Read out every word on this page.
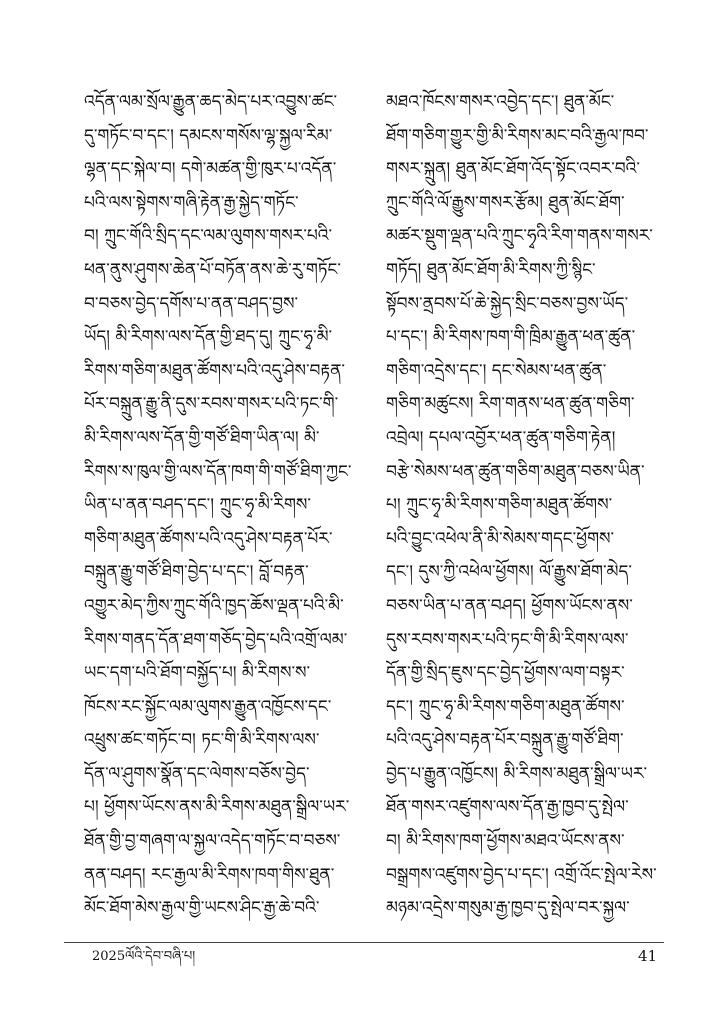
འདོན་ལམ་སྲོལ་རྒྱུན་ཆད་མེད་པར་འབྱུས་ཚང་
དུ་གཏོང་བ་དང་། དམངས་གསོས་ལྷ་སྐྱལ་རིམ་
ལྷན་དང་སྐེལ་བ། དགེ་མཚན་གྱི་ཁུར་པ་འདོན་
པའི་ལས་སྟེགས་གཞི་རྟེན་རྒྱ་སྐྱེད་གཏོང་
བ། ཀྲུང་གོའི་སྲིད་དང་ལམ་ལུགས་གསར་པའི་
ཕན་ནུས་ཤུགས་ཆེན་པོ་བཏོན་ནས་ཆེ་རུ་གཏོང་
བ་བཅས་བྱེད་དགོས་པ་ནན་བཤད་བྱས་
ཡོད། མི་རིགས་ལས་དོན་གྱི་ཐད་དུ། ཀྲུང་ཧྭ་མི་
རིགས་གཅིག་མཐུན་ཚོགས་པའི་འདུ་ཤེས་བརྟན་
པོར་བསྐྲུན་རྒྱུ་ནི་དུས་རབས་གསར་པའི་ཏང་གི་
མི་རིགས་ལས་དོན་གྱི་གཙོ་ཐིག་ཡིན་ལ། མི་
རིགས་ས་ཁུལ་གྱི་ལས་དོན་ཁག་གི་གཙོ་ཐིག་ཀྱང་
ཡིན་པ་ནན་བཤད་དང་། ཀྲུང་ཧྭ་མི་རིགས་
གཅིག་མཐུན་ཚོགས་པའི་འདུ་ཤེས་བརྟན་པོར་
བསྐྲུན་རྒྱུ་གཙོ་ཐིག་བྱེད་པ་དང་། བློ་བརྟན་
འགྱུར་མེད་ཀྱིས་ཀྲུང་གོའི་ཁྱད་ཆོས་ལྡན་པའི་མི་
རིགས་གནད་དོན་ཐག་གཅོད་བྱེད་པའི་འགྲོ་ལམ་
ཡང་དག་པའི་ཐོག་བསྐྱོད་པ། མི་རིགས་ས་
ཁོངས་རང་སྐྱོང་ལམ་ལུགས་རྒྱུན་འཁྱོངས་དང་
འཕྲུས་ཚང་གཏོང་བ། ཏང་གི་མི་རིགས་ལས་
དོན་ལ་ཤུགས་སྣོན་དང་ལེགས་བཅོས་བྱེད་
པ། ཕྱོགས་ཡོངས་ནས་མི་རིགས་མཐུན་སྒྲིལ་ཡར་
ཐོན་གྱི་བྱ་གཞག་ལ་སྐྱལ་འདེད་གཏོང་བ་བཅས་
ནན་བཤད། རང་རྒྱལ་མི་རིགས་ཁག་གིས་ཐུན་
མོང་ཐོག་མེས་རྒྱལ་གྱི་ཡངས་ཤིང་རྒྱ་ཆེ་བའི་
མཐའ་ཁོངས་གསར་འབྱེད་དང་། ཐུན་མོང་
ཐོག་གཅིག་གྱུར་གྱི་མི་རིགས་མང་བའི་རྒྱལ་ཁབ་
གསར་སྐྲུན། ཐུན་མོང་ཐོག་འོད་སྟོང་འབར་བའི་
ཀྲུང་གོའི་ལོ་རྒྱུས་གསར་རྩོམ། ཐུན་མོང་ཐོག་
མཚར་སྡུག་ལྡན་པའི་ཀྲུང་ཧྭའི་རིག་གནས་གསར་
གཏོད། ཐུན་མོང་ཐོག་མི་རིགས་ཀྱི་སྙིང་
སྟོབས་ནྲབས་པོ་ཆེ་སྐྱེད་སྲིང་བཅས་བྱས་ཡོད་
པ་དང་། མི་རིགས་ཁག་གི་ཁྲིམ་རྒྱུན་ཕན་ཚུན་
གཅིག་འདྲེས་དང་། དང་སེམས་ཕན་ཚུན་
གཅིག་མཚུངས། རིག་གནས་ཕན་ཚུན་གཅིག་
འབྲེལ། དཔལ་འབྱོར་ཕན་ཚུན་གཅིག་རྟེན།
བརྩེ་སེམས་ཕན་ཚུན་གཅིག་མཐུན་བཅས་ཡིན་
པ། ཀྲུང་ཧྭ་མི་རིགས་གཅིག་མཐུན་ཚོགས་
པའི་བྱུང་འཕེལ་ནི་མི་སེམས་གདང་ཕྱོགས་
དང་། དུས་ཀྱི་འཕེལ་ཕྱོགས། ལོ་རྒྱུས་ཐོག་མེད་
བཅས་ཡིན་པ་ནན་བཤད། ཕྱོགས་ཡོངས་ནས་
དུས་རབས་གསར་པའི་ཏང་གི་མི་རིགས་ལས་
དོན་གྱི་སྲིད་ཇུས་དང་བྱེད་ཕྱོགས་ལག་བསྟར་
དང་། ཀྲུང་ཧྭ་མི་རིགས་གཅིག་མཐུན་ཚོགས་
པའི་འདུ་ཤེས་བརྟན་པོར་བསྐྲུན་རྒྱུ་གཙོ་ཐིག་
བྱེད་པ་རྒྱུན་འཁྱོངས། མི་རིགས་མཐུན་སྒྲིལ་ཡར་
ཐོན་གསར་འཛུགས་ལས་དོན་རྒྱ་ཁྱབ་དུ་སྤེལ་
བ། མི་རིགས་ཁག་ཕྱོགས་མཐའ་ཡོངས་ནས་
བསྒྲགས་འཛུགས་བྱེད་པ་དང་། འགྲོ་འོང་སྤེལ་རེས་
མཉམ་འདྲེས་གསུམ་རྒྱ་ཁྱབ་དུ་སྤེལ་བར་སྐྱལ་
2025ལོའི་དེབ་བཞི་པ།	41
